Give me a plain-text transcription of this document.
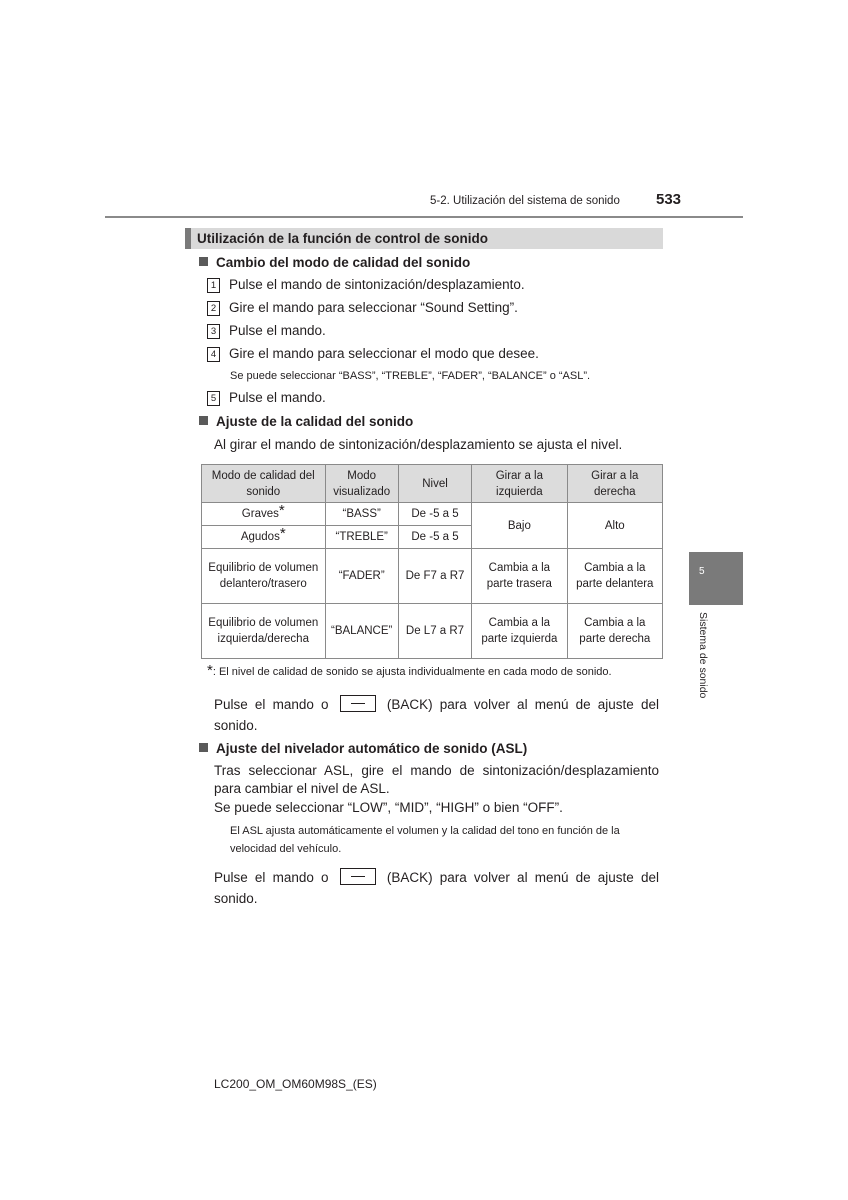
5-2. Utilización del sistema de sonido 533
Utilización de la función de control de sonido
Cambio del modo de calidad del sonido
1 Pulse el mando de sintonización/desplazamiento.
2 Gire el mando para seleccionar “Sound Setting”.
3 Pulse el mando.
4 Gire el mando para seleccionar el modo que desee.
Se puede seleccionar “BASS”, “TREBLE”, “FADER”, “BALANCE” o “ASL”.
5 Pulse el mando.
Ajuste de la calidad del sonido
Al girar el mando de sintonización/desplazamiento se ajusta el nivel.
Modo de calidad del sonido	Modo visualizado	Nivel	Girar a la izquierda	Girar a la derecha
Graves*	“BASS”	De -5 a 5	Bajo	Alto
Agudos*	“TREBLE”	De -5 a 5		
Equilibrio de volumen delantero/trasero	“FADER”	De F7 a R7	Cambia a la parte trasera	Cambia a la parte delantera
Equilibrio de volumen izquierda/derecha	“BALANCE”	De L7 a R7	Cambia a la parte izquierda	Cambia a la parte derecha
*: El nivel de calidad de sonido se ajusta individualmente en cada modo de sonido.
Pulse el mando o	(BACK) para volver al menú de ajuste del sonido.
Ajuste del nivelador automático de sonido (ASL)
Tras seleccionar ASL, gire el mando de sintonización/desplazamiento para cambiar el nivel de ASL.
Se puede seleccionar “LOW”, “MID”, “HIGH” o bien “OFF”.
El ASL ajusta automáticamente el volumen y la calidad del tono en función de la velocidad del vehículo.
Pulse el mando o	(BACK) para volver al menú de ajuste del sonido.
5
Sistema de sonido
LC200_OM_OM60M98S_(ES)
